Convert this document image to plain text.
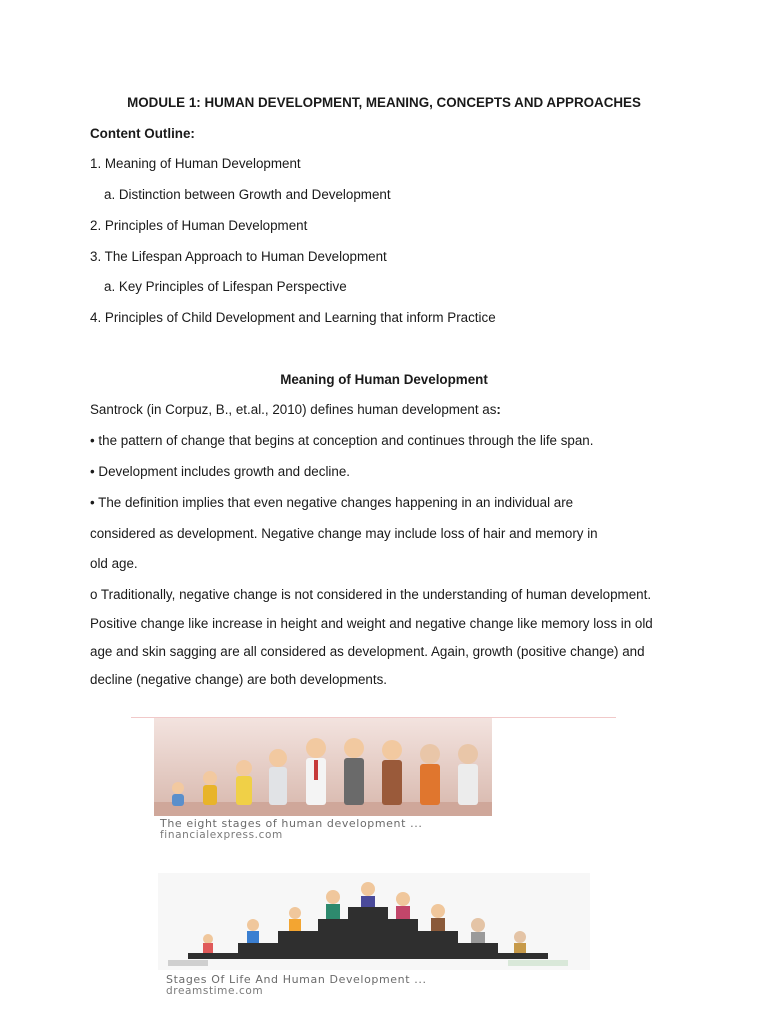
MODULE 1: HUMAN DEVELOPMENT, MEANING, CONCEPTS AND APPROACHES
Content Outline:
1. Meaning of Human Development
a. Distinction between Growth and Development
2. Principles of Human Development
3. The Lifespan Approach to Human Development
a. Key Principles of Lifespan Perspective
4. Principles of Child Development and Learning that inform Practice
Meaning of Human Development
Santrock (in Corpuz, B., et.al., 2010) defines human development as:
• the pattern of change that begins at conception and continues through the life span.
• Development includes growth and decline.
• The definition implies that even negative changes happening in an individual are
considered as development. Negative change may include loss of hair and memory in
old age.
o Traditionally, negative change is not considered in the understanding of human development.
Positive change like increase in height and weight and negative change like memory loss in old
age and skin sagging are all considered as development. Again, growth (positive change) and
decline (negative change) are both developments.
The eight stages of human development ...
financialexpress.com
Stages Of Life And Human Development ...
dreamstime.com
